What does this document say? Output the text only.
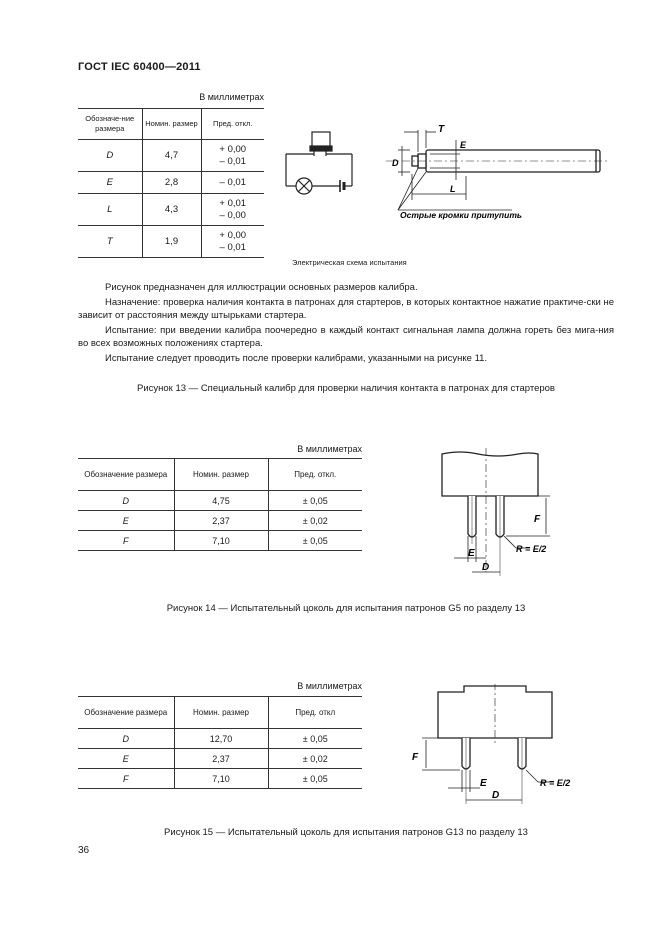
ГОСТ IEC 60400—2011
В миллиметрах
Обозначе-ние размера	Номин. размер	Пред. откл.
D	4,7	+ 0,00
– 0,01

E	2,8	– 0,01

L	4,3	+ 0,01
– 0,00

T	1,9	+ 0,00
– 0,01
T
E
D
L
Острые кромки притупить
Электрическая схема испытания

Рисунок предназначен для иллюстрации основных размеров калибра.

Назначение: проверка наличия контакта в патронах для стартеров, в которых контактное нажатие практиче-ски не зависит от расстояния между штырьками стартера.

Испытание: при введении калибра поочередно в каждый контакт сигнальная лампа должна гореть без мига-ния во всех возможных положениях стартера.

Испытание следует проводить после проверки калибрами, указанными на рисунке 11.

Рисунок 13 — Специальный калибр для проверки наличия контакта в патронах для стартеров
В миллиметрах
Обозначение размера	Номин. размер	Пред. откл.
D	4,75	± 0,05
E	2,37	± 0,02
F	7,10	± 0,05
F
E
D
R = E/2
Рисунок 14 — Испытательный цоколь для испытания патронов G5 по разделу 13
В миллиметрах
Обозначение размера	Номин. размер	Пред. откл
D	12,70	± 0,05
E	2,37	± 0,02
F	7,10	± 0,05
F
E
D
R = E/2
Рисунок 15 — Испытательный цоколь для испытания патронов G13 по разделу 13
36
